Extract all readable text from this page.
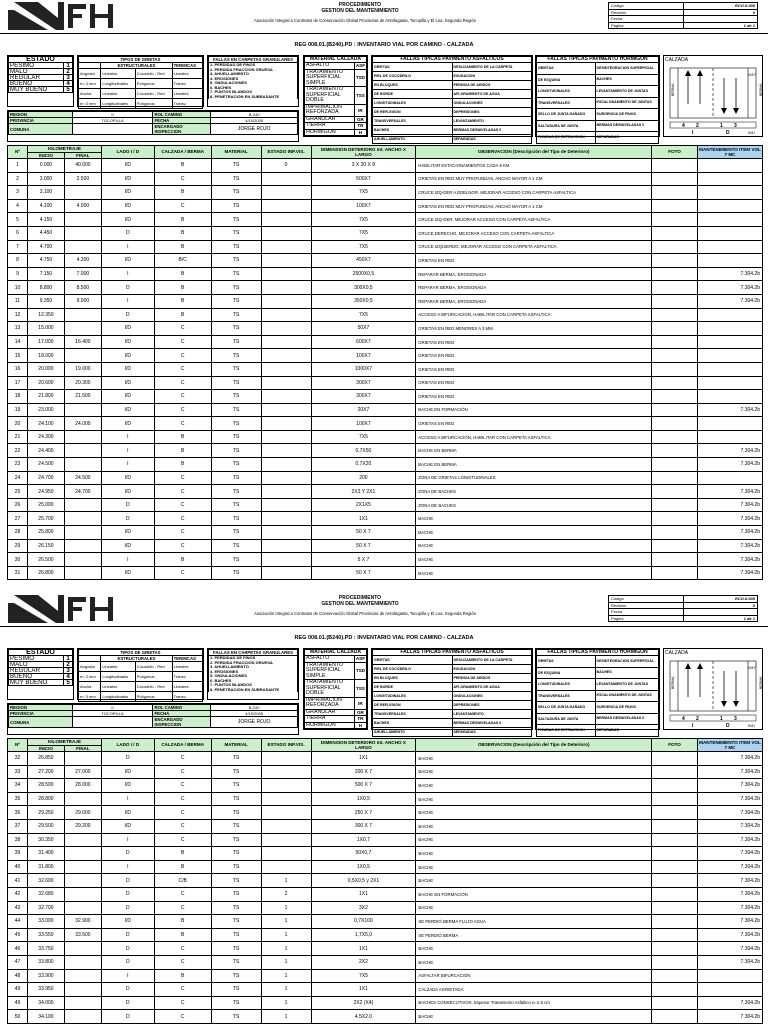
PROCEDIMIENTO
GESTION DEL MANTENIMIENTO
Asociación Integral a Contratos de Conservación Global Provincias de Antofagasta, Tocopilla y El Loa, Segunda Región
Código	RCG.II.008
Revisión	0
Fecha	
Página	1 de 1
REG 008.01.(B240).PD : INVENTARIO VIAL POR CAMINO - CALZADA
ESTADO	
PESIMO	1
MALO	2
REGULAR	3
BUENO	4
MUY BUENO	5
TIPOS DE GRIETAS			
	ESTRUCTURALES		TERMICAS
Angosta	Lineales	Cocodrilo - Red	Lineales
e< 3 mm	Longitudinales	Polígonos	Transv.
Ancha	Lineales	Cocodrilo - Red	Lineales
e> 3 mm	Longitudinales	Polígonos	Transv.
FALLAS EN CARPETAS GRANULARES
1. PERDIDAD DE FINOS
2. PERDIDA FRACCION GRUESA
3. AHUELLAMIENTO
4. EROSIONES
5. ONDULACIONES
6. BACHES
7. PUNTOS BLANDOS
8. PENETRACION EN SUBRASANTE
MATERIAL CALZADA	
ASFALTO	ASF
TRATAMIENTO SUPERFICIAL SIMPLE	TSD
TRATAMIENTO SUPERFICIAL DOBLE	TSS
IMPRIMACION REFORZADA	IR
GRANULAR	GR
TIERRA	TR
HORMIGON	H
FALLAS TIPICAS PAVIMENTO ASFALTICOS	
GRIETAS	DESLIZAMIENTO DE LA CARPETA
PIEL DE COCODRILO	EXUDACION
EN BLOQUES	PERDIDA DE ARIDOS
DE BORDE	AFLORAMIENTO DE AGUA
LONGITUDINALES	ONDULACIONES
DE REFLEXION	DEPRESIONES
TRANSVERSALES	LEVANTAMIENTO
BACHES	BERMAS DESNIVELADAS 0
AHUELLAMIENTO	SEPARADAS
FALLAS TIPICAS PAVIMENTO HORMIGON	
GRIETAS	DESINTEGRACION SUPERFICIAL
DE ESQUINA	BACHES
LONGITUDINALES	LEVANTAMIENTO DE JUNTAS
TRANSVERSALES	ESCALONAMIENTO DE JUNTAS
SELLO DE JUNTA DAÑADO	SURGENCIA DE FINOS
SALTADURA DE JUNTA	BERMAS DESNIVELADAS 0
FISURAS DE RETRACCION	SEPARADAS
CALZADA
BERMA	BERMA
KM.F
4 2	1 3
I	D	KM.I
REGION	II	ROL CAMINO	B-240
PROVINCIA	TOCOPILLA	FECHA	4/10/2005
COMUNA		ENCARGADO INSPECCION	JORGE ROJO
Nº	KILOMETRAJE		LADO I / D	CALZADA / BERMA	MATERIAL	ESTADO INP.VIS.	DIMENSION DETERIORO mt. ANCHO X LARGO	OBSERVACION (Descripción del Tipo de Deterioro)	FOTO	MANTENIMIENTO ITEM VOL 7 MC
	INICIO	FINAL								
1	0.000	40.000	I/D	B	TS	0	3 X 20 X 8	HABILITAR ESTACIONAMIENTOS CADA 5 KM		
2	3.000	2.500	I/D	C	TS		500X7	GRIETAS EN RED MUY PROFUNDAS, ANCHO MAYOR A 1 CM		
3	3.100		I/D	B	TS		7X5	CRUCE IZQ-DER A EDELNOR, MEJORAR ACCESO CON CARPETA ASFALTICA		
4	4.100	4.000	I/D	C	TS		100X7	GRIETAS EN RED MUY PROFUNDAS, ANCHO MAYOR A 1 CM		
5	4.150		I/D	B	TS		7X5	CRUCE IZQ-DER, MEJORAR ACCESO CON CARPETA ASFALTICA		
6	4.450		D	B	TS		7X5	CRUCE DERECHO, MEJORAR ACCESO CON CARPETA ASFALTICA		
7	4.700		I	B	TS		7X5	CRUCE IZQUIERDO, MEJORAR ACCESO CON CARPETA ASFALTICA		
8	4.750	4.300	I/D	B/C	TS		450X7	GRIETAS EN RED		
9	7.150	7.000	I	B	TS		2500X0,5	REPARAR BERMA, EROSIONADA		7.304.2b
10	8.800	8.500	D	B	TS		300X0,5	REPARAR BERMA, EROSIONADA		7.304.2b
11	9.350	9.000	I	B	TS		350X0,5	REPARAR BERMA, EROSIONADA		7.304.2b
12	12.350		D	B	TS		7X5	ACCESO A BIFURCACION, HABILITAR CON CARPETA ASFALTICA		
13	15.000		I/D	C	TS		50X7	GRIETAS EN RED MENORES A 3 MM		
14	17.000	16.400	I/D	C	TS		600X7	GRIETAS EN RED		
15	18.000		I/D	C	TS		100X7	GRIETAS EN RED		
16	20.000	19.000	I/D	C	TS		1000X7	GRIETAS EN RED		
17	20.600	20.300	I/D	C	TS		300X7	GRIETAS EN RED		
18	21.800	21.500	I/D	C	TS		300X7	GRIETAS EN RED		
19	23.000		I/D	C	TS		20X7	BACHE EN FORMACIÓN		7.304.2b
20	24.100	24.000	I/D	C	TS		100X7	GRIETAS EN RED		
21	24.300		I	B	TS		7X5	ACCESO A BIFURCACION, HABILITAR CON CARPETA ASFALTICA		
22	24.400		I	B	TS		0,7X50	BACHE EN BERMA		7.304.2b
23	24.500		I	B	TS		0,7X20	BACHE EN BERMA		7.304.2b
24	24.700	24.500	I/D	C	TS		200	ZONA DE GRIETAS LONGITUDINALES		
25	24.950	24.700	I/D	C	TS		2X3 Y 2X1	ZONA DE BACHES		7.304.2b
26	25.000		D	C	TS		2X1X5	ZONA DE BACHES		7.304.2b
27	25.700		D	C	TS		1X1	BACHE		7.304.2b
28	25.800		I/D	C	TS		50 X 7	BACHE		7.304.2b
29	26.150		I/D	C	TS		50 X 7	BACHE		7.304.2b
30	26.500		I	B	TS		5 X 7	BACHE		7.304.2b
31	26.800		I/D	C	TS		50 X 7	BACHE		7.304.2b
PROCEDIMIENTO
GESTION DEL MANTENIMIENTO
Asociación Integral a Contratos de Conservación Global Provincias de Antofagasta, Tocopilla y El Loa, Segunda Región
Código	RCG.II.008
Revisión	0
Fecha	
Página	1 de 1
REG 008.01.(B240).PD : INVENTARIO VIAL POR CAMINO - CALZADA
ESTADO	
PESIMO	1
MALO	2
REGULAR	3
BUENO	4
MUY BUENO	5
TIPOS DE GRIETAS			
	ESTRUCTURALES		TERMICAS
Angosta	Lineales	Cocodrilo - Red	Lineales
e< 3 mm	Longitudinales	Polígonos	Transv.
Ancha	Lineales	Cocodrilo - Red	Lineales
e> 3 mm	Longitudinales	Polígonos	Transv.
FALLAS EN CARPETAS GRANULARES
1. PERDIDAD DE FINOS
2. PERDIDA FRACCION GRUESA
3. AHUELLAMIENTO
4. EROSIONES
5. ONDULACIONES
6. BACHES
7. PUNTOS BLANDOS
8. PENETRACION EN SUBRASANTE
MATERIAL CALZADA	
ASFALTO	ASF
TRATAMIENTO SUPERFICIAL SIMPLE	TSD
TRATAMIENTO SUPERFICIAL DOBLE	TSS
IMPRIMACION REFORZADA	IR
GRANULAR	GR
TIERRA	TR
HORMIGON	H
FALLAS TIPICAS PAVIMENTO ASFALTICOS	
GRIETAS	DESLIZAMIENTO DE LA CARPETA
PIEL DE COCODRILO	EXUDACION
EN BLOQUES	PERDIDA DE ARIDOS
DE BORDE	AFLORAMIENTO DE AGUA
LONGITUDINALES	ONDULACIONES
DE REFLEXION	DEPRESIONES
TRANSVERSALES	LEVANTAMIENTO
BACHES	BERMAS DESNIVELADAS 0
AHUELLAMIENTO	SEPARADAS
FALLAS TIPICAS PAVIMENTO HORMIGON	
GRIETAS	DESINTEGRACION SUPERFICIAL
DE ESQUINA	BACHES
LONGITUDINALES	LEVANTAMIENTO DE JUNTAS
TRANSVERSALES	ESCALONAMIENTO DE JUNTAS
SELLO DE JUNTA DAÑADO	SURGENCIA DE FINOS
SALTADURA DE JUNTA	BERMAS DESNIVELADAS 0
FISURAS DE RETRACCION	SEPARADAS
CALZADA
BERMA	BERMA
KM.F
4 2	1 3
I	D	KM.I
REGION	II	ROL CAMINO	B-240
PROVINCIA	TOCOPILLA	FECHA	4/10/2005
COMUNA		ENCARGADO INSPECCION	JORGE ROJO
Nº	KILOMETRAJE		LADO I / D	CALZADA / BERMA	MATERIAL	ESTADO INP.VIS.	DIMENSION DETERIORO mt. ANCHO X LARGO	OBSERVACION (Descripción del Tipo de Deterioro)	FOTO	MANTENIMIENTO ITEM VOL 7 MC
	INICIO	FINAL								
32	26.850		D	C	TS		1X1	BACHE		7.304.2b
33	27.200	27.000	I/D	C	TS		200 X 7	BACHE		7.304.2b
34	28.500	28.000	I/D	C	TS		500 X 7	BACHE		7.304.2b
35	28.800		I	C	TS		1X0,5	BACHE		7.304.2b
36	29.250	29.000	I/D	C	TS		250 X 7	BACHE		7.304.2b
37	29.500	29.200	I/D	C	TS		300 X 7	BACHE		7.304.2b
38	30.350		I	C	TS		1X0,7	BACHE		7.304.2b
39	31.400		D	B	TS		50X0,7	BACHE		7.304.2b
40	31.800		I	B	TS		1X0,5	BACHE		7.304.2b
41	32.600		D	C/B	TS	1	0,5X0,5 y 2X1	BACHE		7.304.2b
42	32.680		D	C	TS	2	1X1	BACHE EN FORMACIÓN		7.304.2b
43	32.700		D	C	TS	1	3X2	BACHE		7.304.2b
44	33.000	32.900	I/D	B	TS	1	0,7X100	SE PERDIÓ BERMA FLUJO AGUA		7.304.2b
45	33.550	33.500	D	B	TS	1	1,7X5,0	SE PERDIÓ BERMA		7.304.2b
46	33.750		D	C	TS	1	1X1	BACHE		7.304.2b
47	33.800		D	C	TS	1	2X2	BACHE		7.304.2b
48	33.900		I	B	TS	1	7X5	ASFALTAR BIFURCACIÓN		
49	33.950		D	C	TS	1	1X1	CALZADA AGRIETADA		
49	34.000		D	C	TS	1	2X2 (X4)	BACHES CONSECUTIVOS. Espesor Tratamiento Asfaltico e=2.5 cm		7.304.2b
50	34.100		D	C	TS	1	4.5X2.0	BACHE		7.304.2b
